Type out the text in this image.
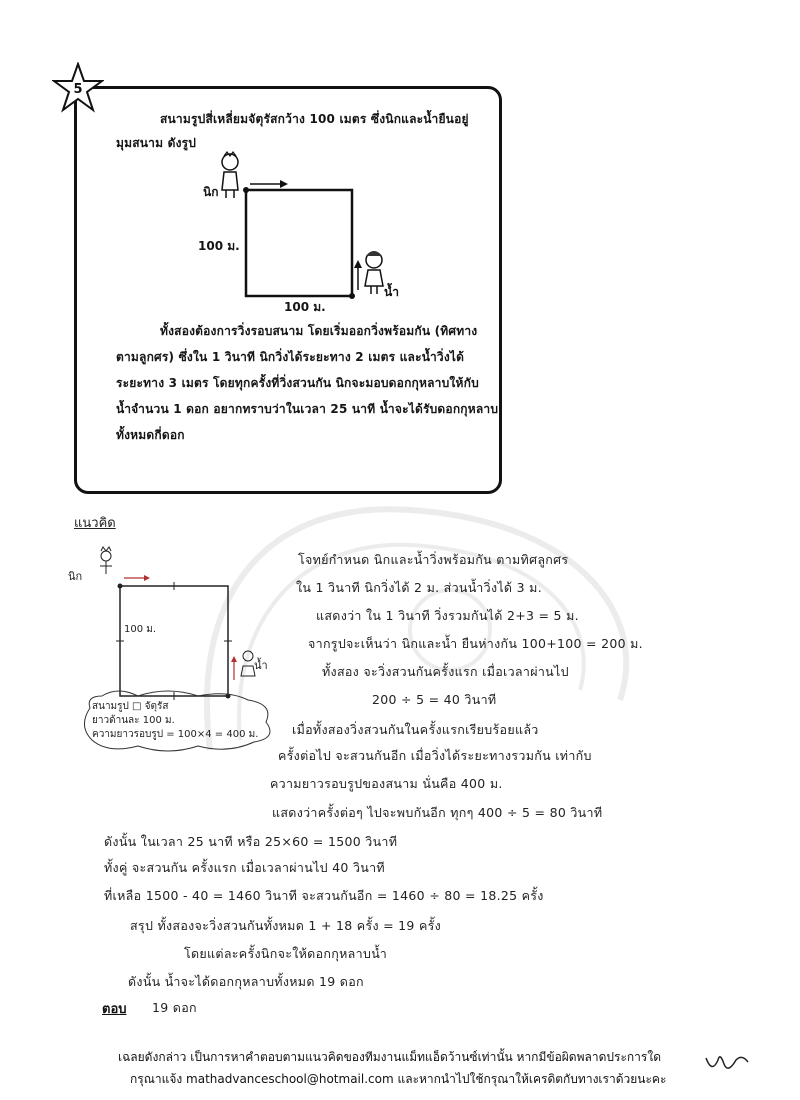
5
สนามรูปสี่เหลี่ยมจัตุรัสกว้าง 100 เมตร ซึ่งนิกและน้ำยืนอยู่
มุมสนาม ดังรูป
นิก
น้ำ
100 ม.
100 ม.
ทั้งสองต้องการวิ่งรอบสนาม โดยเริ่มออกวิ่งพร้อมกัน (ทิศทาง
ตามลูกศร) ซึ่งใน 1 วินาที นิกวิ่งได้ระยะทาง 2 เมตร และน้ำวิ่งได้
ระยะทาง 3 เมตร โดยทุกครั้งที่วิ่งสวนกัน นิกจะมอบดอกกุหลาบให้กับ
น้ำจำนวน 1 ดอก อยากทราบว่าในเวลา 25 นาที น้ำจะได้รับดอกกุหลาบ
ทั้งหมดกี่ดอก
แนวคิด
นิก
น้ำ
100 ม.
สนามรูป □ จัตุรัส
ยาวด้านละ 100 ม.
ความยาวรอบรูป = 100×4 = 400 ม.
โจทย์กำหนด นิกและน้ำวิ่งพร้อมกัน ตามทิศลูกศร
ใน 1 วินาที นิกวิ่งได้ 2 ม. ส่วนน้ำวิ่งได้ 3 ม.
แสดงว่า ใน 1 วินาที วิ่งรวมกันได้ 2+3 = 5 ม.
จากรูปจะเห็นว่า นิกและน้ำ ยืนห่างกัน 100+100 = 200 ม.
ทั้งสอง จะวิ่งสวนกันครั้งแรก เมื่อเวลาผ่านไป
200 ÷ 5 = 40 วินาที
เมื่อทั้งสองวิ่งสวนกันในครั้งแรกเรียบร้อยแล้ว
ครั้งต่อไป จะสวนกันอีก เมื่อวิ่งได้ระยะทางรวมกัน เท่ากับ
ความยาวรอบรูปของสนาม นั่นคือ 400 ม.
แสดงว่าครั้งต่อๆ ไปจะพบกันอีก ทุกๆ 400 ÷ 5 = 80 วินาที
ดังนั้น ในเวลา 25 นาที หรือ 25×60 = 1500 วินาที
ทั้งคู่ จะสวนกัน ครั้งแรก เมื่อเวลาผ่านไป 40 วินาที
ที่เหลือ 1500 - 40 = 1460 วินาที จะสวนกันอีก = 1460 ÷ 80 = 18.25 ครั้ง
สรุป ทั้งสองจะวิ่งสวนกันทั้งหมด 1 + 18 ครั้ง = 19 ครั้ง
โดยแต่ละครั้งนิกจะให้ดอกกุหลาบน้ำ
ดังนั้น น้ำจะได้ดอกกุหลาบทั้งหมด 19 ดอก
ตอบ 19 ดอก
เฉลยดังกล่าว เป็นการหาคำตอบตามแนวคิดของทีมงานแม็ทแอ็ดว้านซ์เท่านั้น หากมีข้อผิดพลาดประการใด
กรุณาแจ้ง mathadvanceschool@hotmail.com และหากนำไปใช้กรุณาให้เครดิตกับทางเราด้วยนะคะ
